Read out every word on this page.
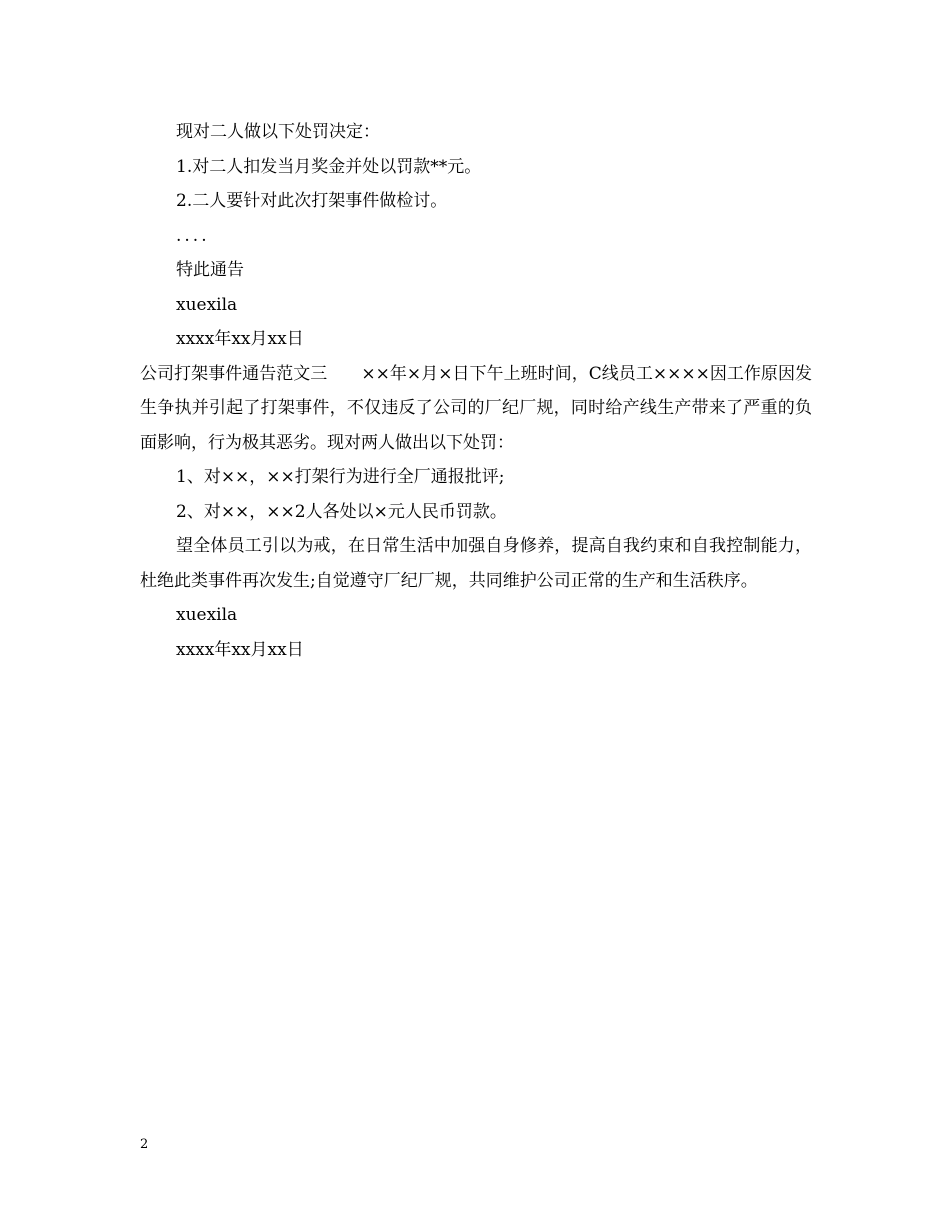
现对二人做以下处罚决定：

1.对二人扣发当月奖金并处以罚款**元。

2.二人要针对此次打架事件做检讨。

....

特此通告

xuexila

xxxx年xx月xx日

公司打架事件通告范文三　　××年×月×日下午上班时间，C线员工××××因工作原因发生争执并引起了打架事件，不仅违反了公司的厂纪厂规，同时给产线生产带来了严重的负面影响，行为极其恶劣。现对两人做出以下处罚：

1、对××，××打架行为进行全厂通报批评;

2、对××，××2人各处以×元人民币罚款。

望全体员工引以为戒，在日常生活中加强自身修养，提高自我约束和自我控制能力，杜绝此类事件再次发生;自觉遵守厂纪厂规，共同维护公司正常的生产和生活秩序。

xuexila

xxxx年xx月xx日

2
